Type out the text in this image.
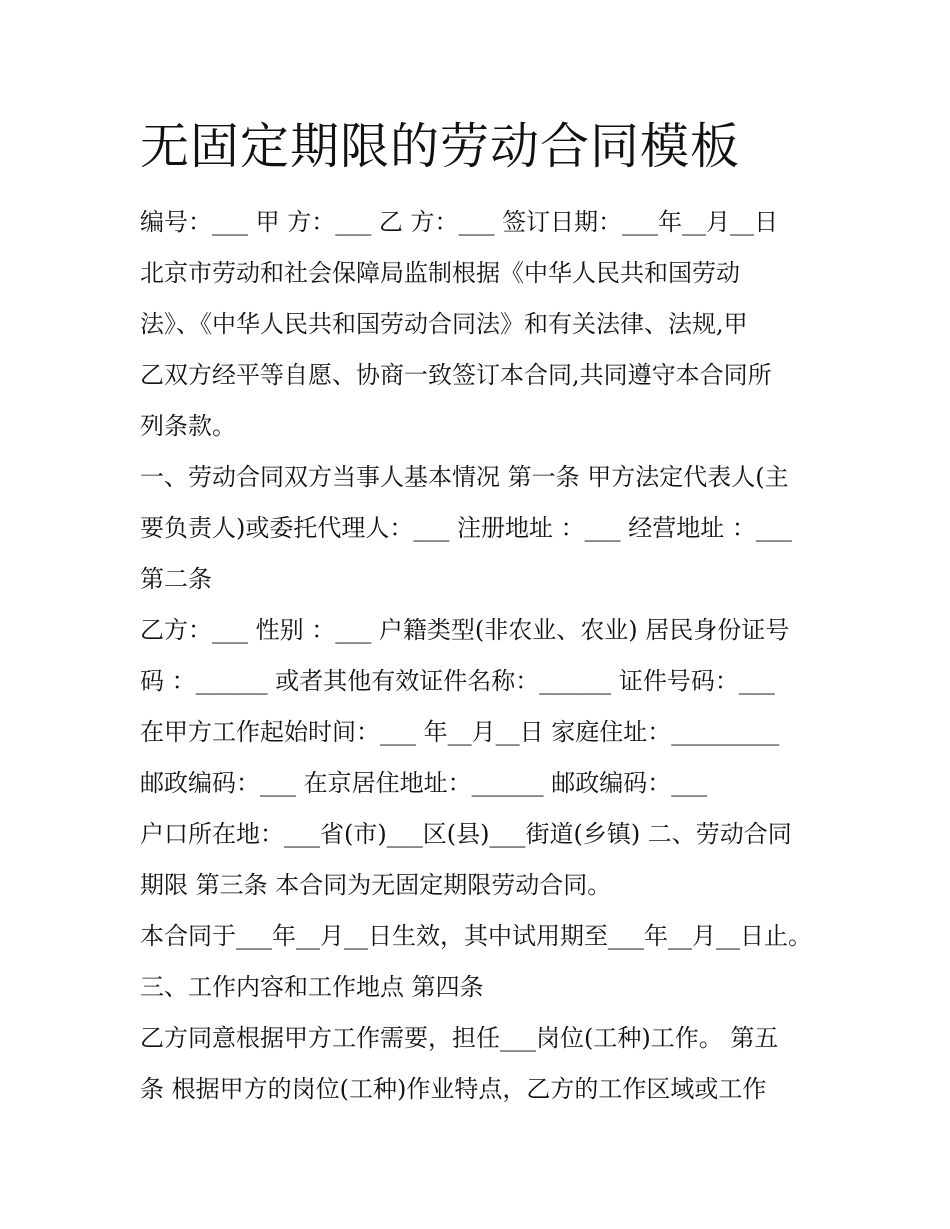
无固定期限的劳动合同模板

编号：___ 甲 方：___ 乙 方：___ 签订日期：___年__月__日

北京市劳动和社会保障局监制根据《中华人民共和国劳动

法》、《中华人民共和国劳动合同法》和有关法律、法规,甲

乙双方经平等自愿、协商一致签订本合同,共同遵守本合同所

列条款。

一、劳动合同双方当事人基本情况 第一条 甲方法定代表人(主

要负责人)或委托代理人：___ 注册地址 ：___ 经营地址 ：___

第二条

乙方：___ 性别 ：___ 户籍类型(非农业、农业) 居民身份证号

码 ：______ 或者其他有效证件名称：______ 证件号码：___

在甲方工作起始时间：___ 年__月__日 家庭住址：_________

邮政编码：___ 在京居住地址：______ 邮政编码：___

户口所在地：___省(市)___区(县)___街道(乡镇) 二、劳动合同

期限 第三条 本合同为无固定期限劳动合同。

本合同于___年__月__日生效，其中试用期至___年__月__日止。

三、工作内容和工作地点 第四条

乙方同意根据甲方工作需要，担任___岗位(工种)工作。 第五

条 根据甲方的岗位(工种)作业特点，乙方的工作区域或工作
